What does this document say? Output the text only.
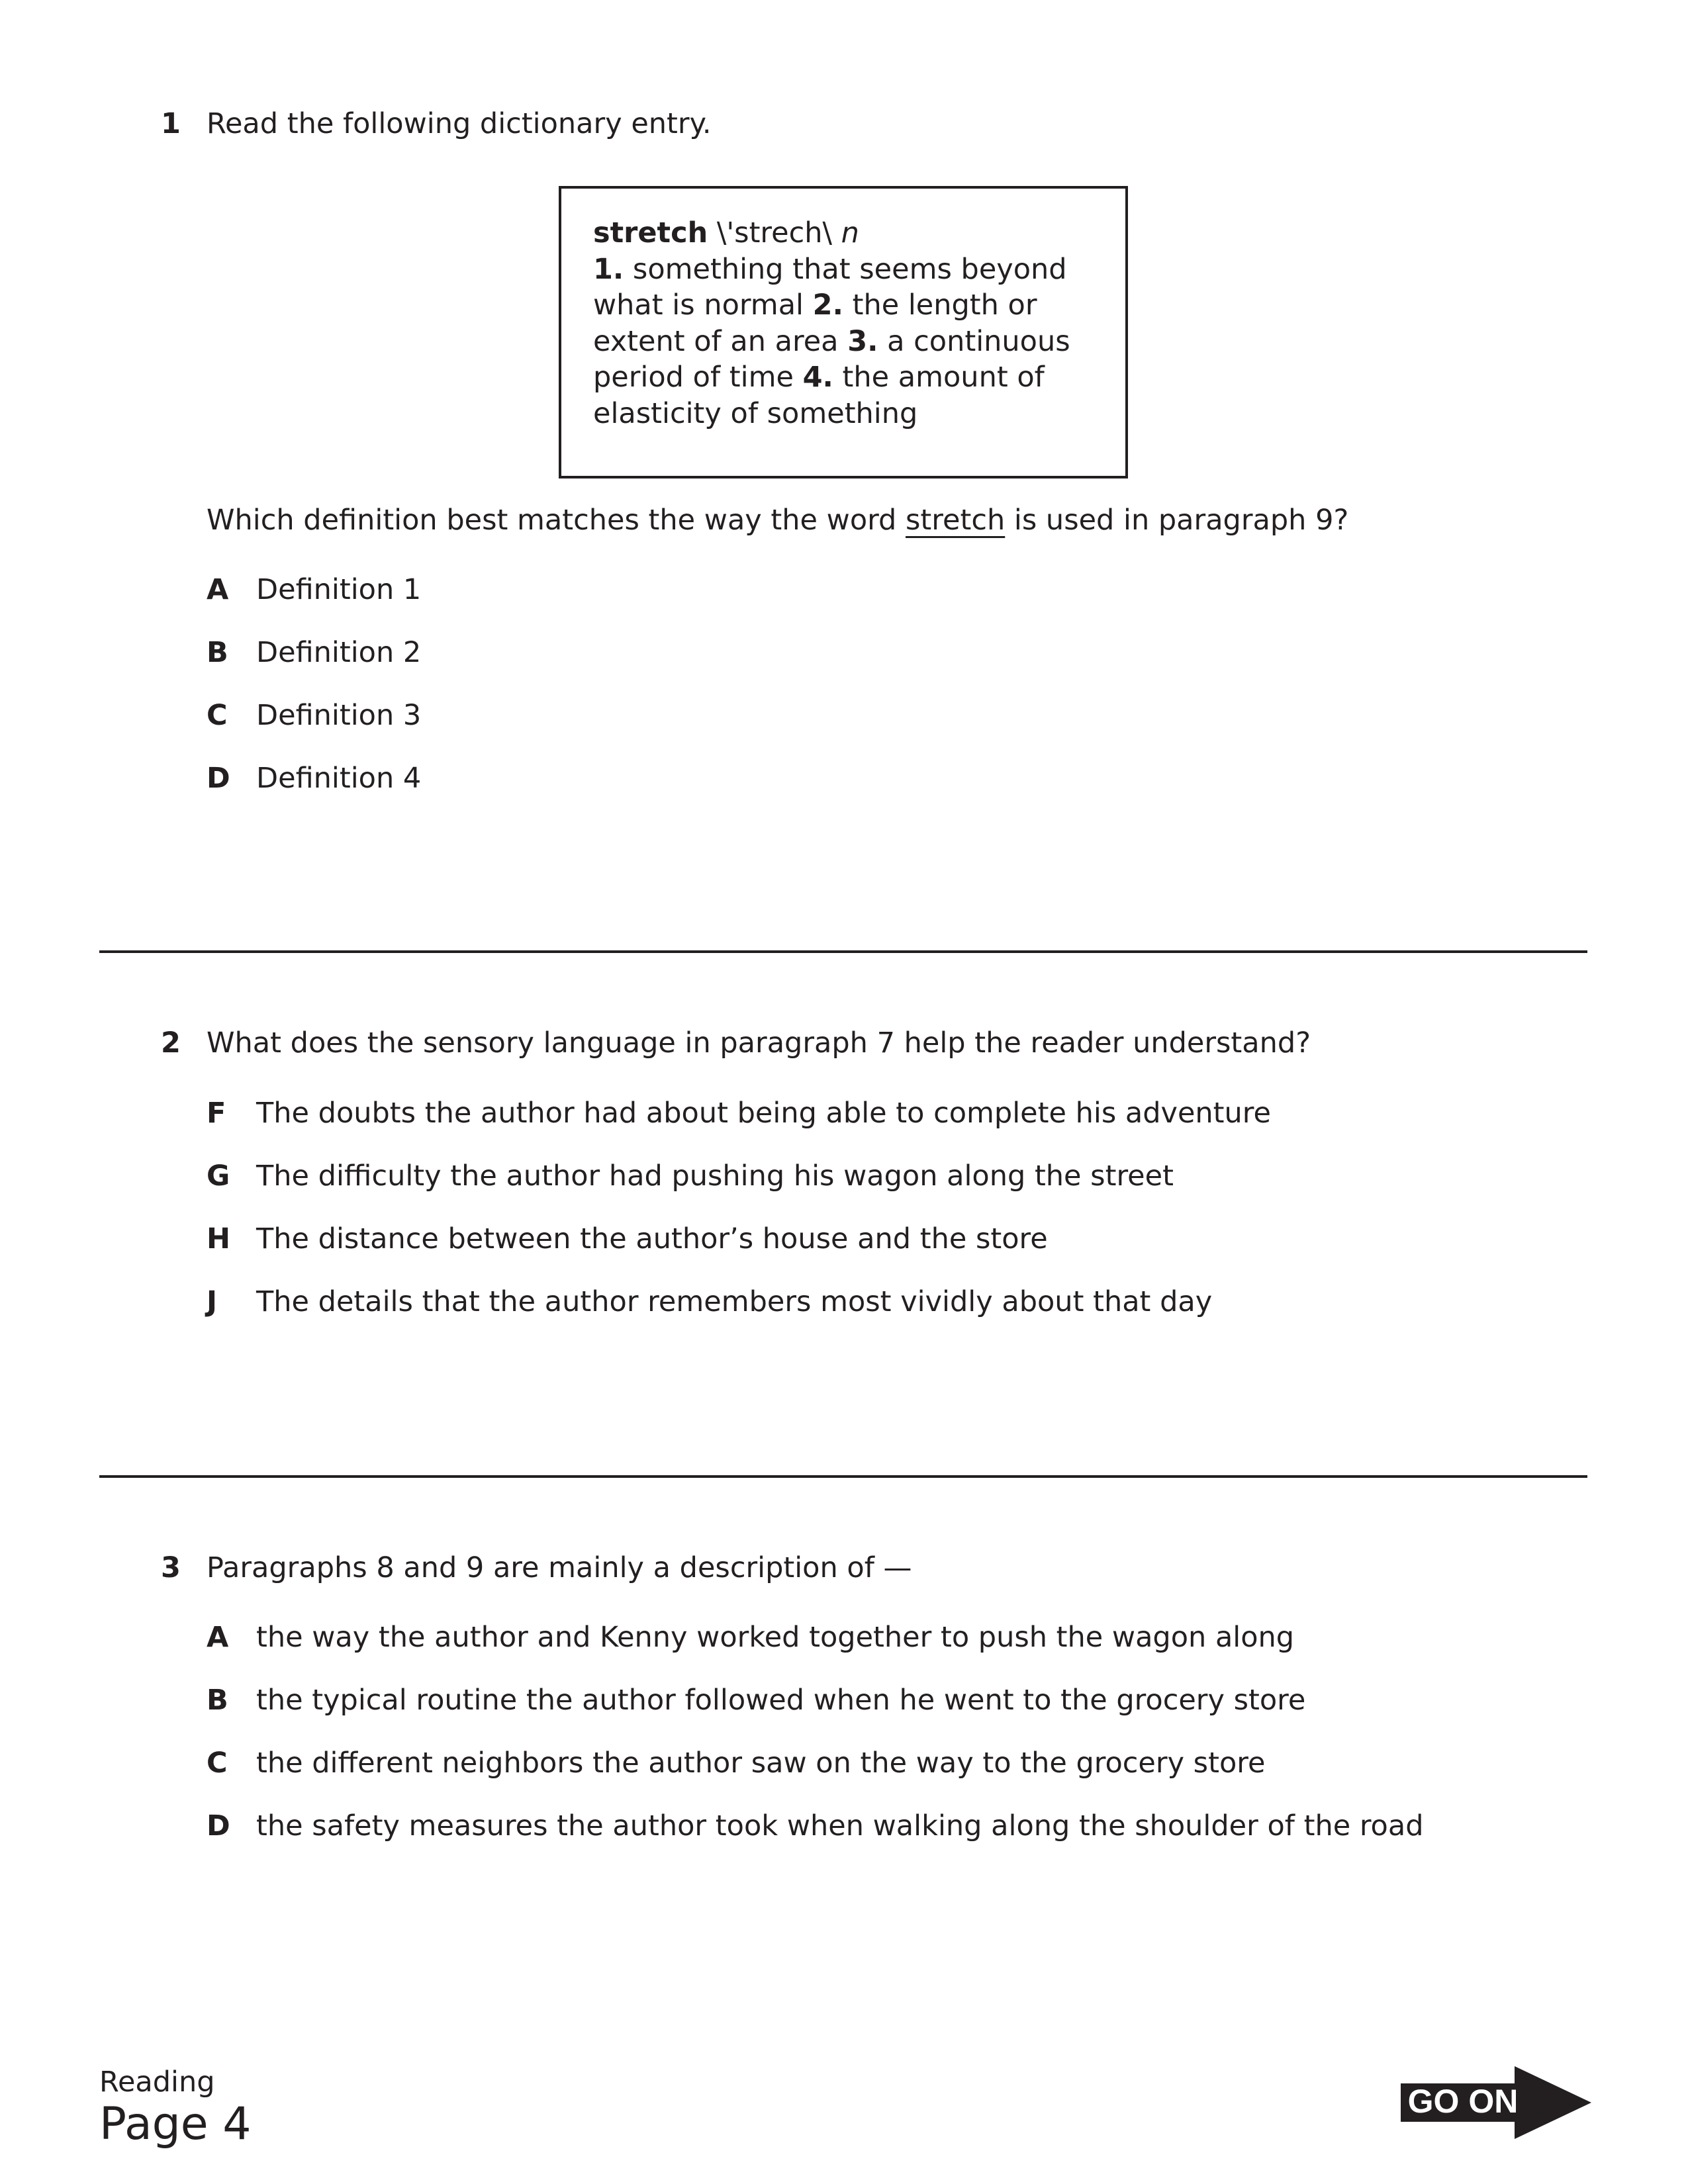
1 Read the following dictionary entry.
stretch \'strech\ n
1. something that seems beyond
what is normal 2. the length or
extent of an area 3. a continuous
period of time 4. the amount of
elasticity of something
Which definition best matches the way the word stretch is used in paragraph 9?
A Definition 1
B Definition 2
C Definition 3
D Definition 4
2 What does the sensory language in paragraph 7 help the reader understand?
F The doubts the author had about being able to complete his adventure
G The difficulty the author had pushing his wagon along the street
H The distance between the author’s house and the store
J The details that the author remembers most vividly about that day
3 Paragraphs 8 and 9 are mainly a description of —
A the way the author and Kenny worked together to push the wagon along
B the typical routine the author followed when he went to the grocery store
C the different neighbors the author saw on the way to the grocery store
D the safety measures the author took when walking along the shoulder of the road
Reading
Page 4	GO ON
